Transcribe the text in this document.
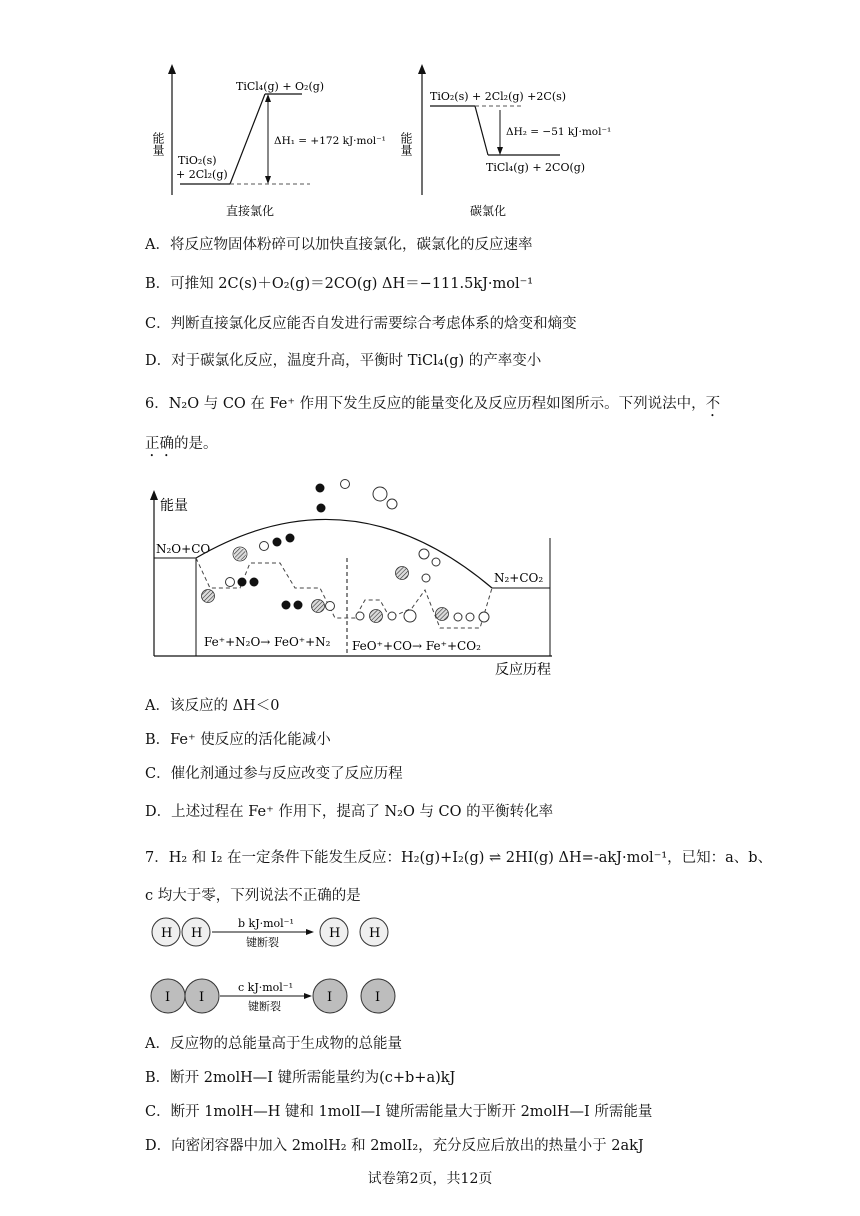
能量
TiCl₄(g) + O₂(g)
TiO₂(s)
+ 2Cl₂(g)
ΔH₁ = +172 kJ·mol⁻¹
直接氯化
能量
TiO₂(s) + 2Cl₂(g) +2C(s)
TiCl₄(g) + 2CO(g)
ΔH₂ = −51 kJ·mol⁻¹
碳氯化
A．将反应物固体粉碎可以加快直接氯化，碳氯化的反应速率
B．可推知 2C(s)＋O₂(g)＝2CO(g) ΔH＝−111.5kJ·mol⁻¹
C．判断直接氯化反应能否自发进行需要综合考虑体系的焓变和熵变
D．对于碳氯化反应，温度升高，平衡时 TiCl₄(g) 的产率变小
6．N₂O 与 CO 在 Fe⁺ 作用下发生反应的能量变化及反应历程如图所示。下列说法中，不
正确的是。
能量
反应历程
N₂O+CO
N₂+CO₂
Fe⁺+N₂O→ FeO⁺+N₂ FeO⁺+CO→ Fe⁺+CO₂
A．该反应的 ΔH＜0
B．Fe⁺ 使反应的活化能减小
C．催化剂通过参与反应改变了反应历程
D．上述过程在 Fe⁺ 作用下，提高了 N₂O 与 CO 的平衡转化率
7．H₂ 和 I₂ 在一定条件下能发生反应：H₂(g)+I₂(g) ⇌ 2HI(g) ΔH=-akJ·mol⁻¹，已知：a、b、
c 均大于零，下列说法不正确的是
H H
b kJ·mol⁻¹
键断裂
H H
I I
c kJ·mol⁻¹
键断裂
I	I
A．反应物的总能量高于生成物的总能量
B．断开 2molH—I 键所需能量约为(c+b+a)kJ
C．断开 1molH—H 键和 1molI—I 键所需能量大于断开 2molH—I 所需能量
D．向密闭容器中加入 2molH₂ 和 2molI₂，充分反应后放出的热量小于 2akJ
试卷第2页，共12页
